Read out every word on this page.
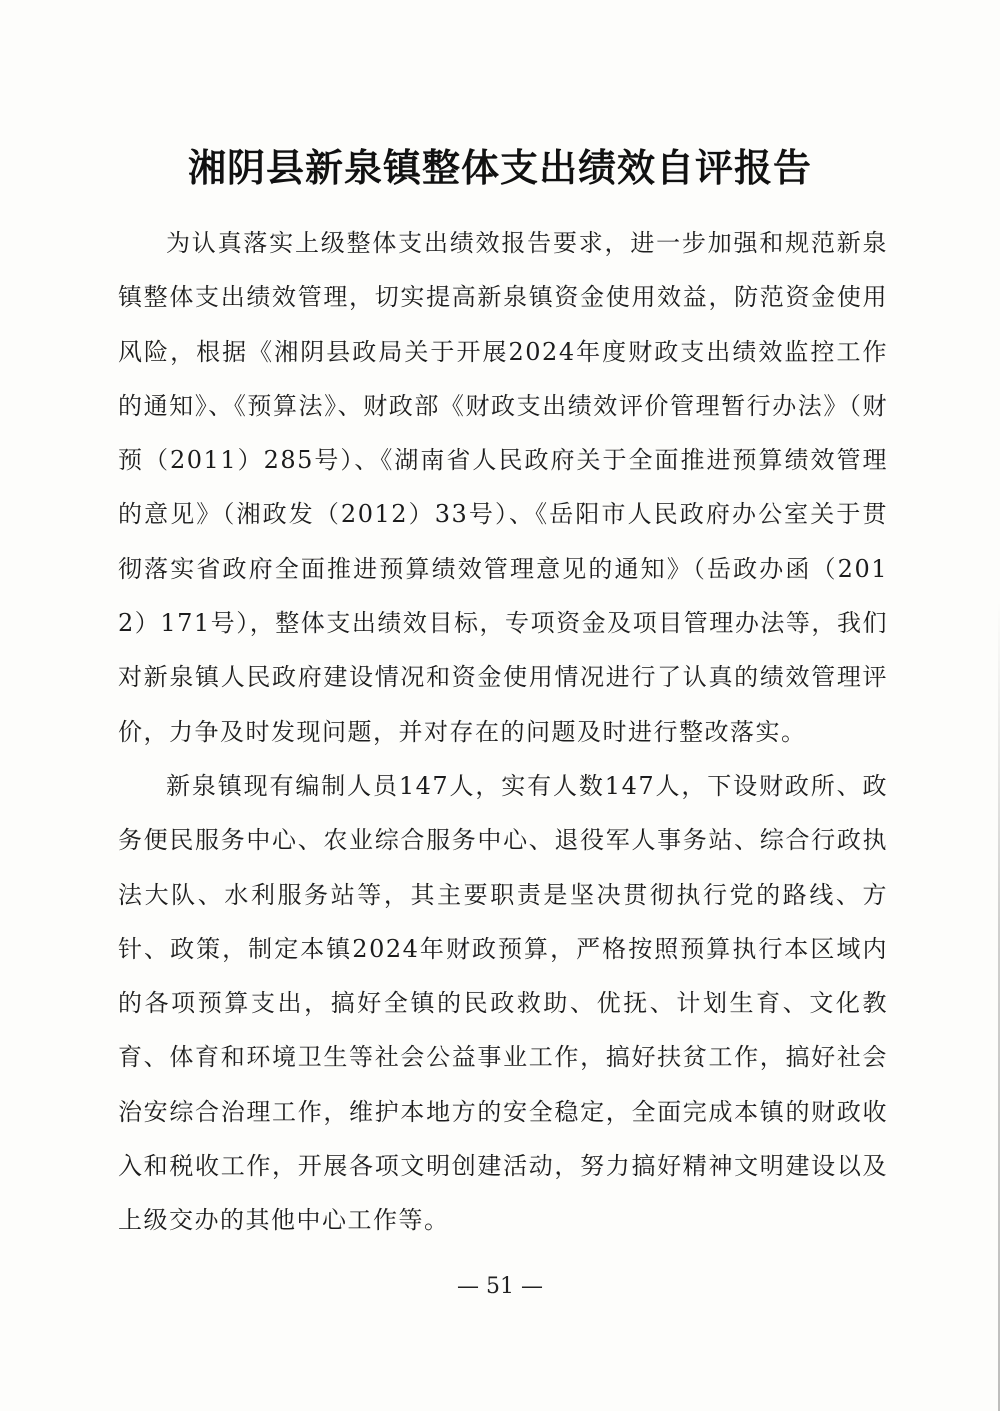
湘阴县新泉镇整体支出绩效自评报告

为认真落实上级整体支出绩效报告要求，进一步加强和规范新泉镇整体支出绩效管理，切实提高新泉镇资金使用效益，防范资金使用风险，根据《湘阴县政局关于开展2024年度财政支出绩效监控工作的通知》、《预算法》、财政部《财政支出绩效评价管理暂行办法》（财预（2011）285号）、《湖南省人民政府关于全面推进预算绩效管理的意见》（湘政发（2012）33号）、《岳阳市人民政府办公室关于贯彻落实省政府全面推进预算绩效管理意见的通知》（岳政办函（2012）171号），整体支出绩效目标，专项资金及项目管理办法等，我们对新泉镇人民政府建设情况和资金使用情况进行了认真的绩效管理评价，力争及时发现问题，并对存在的问题及时进行整改落实。

新泉镇现有编制人员147人，实有人数147人，下设财政所、政务便民服务中心、农业综合服务中心、退役军人事务站、综合行政执法大队、水利服务站等，其主要职责是坚决贯彻执行党的路线、方针、政策，制定本镇2024年财政预算，严格按照预算执行本区域内的各项预算支出，搞好全镇的民政救助、优抚、计划生育、文化教育、体育和环境卫生等社会公益事业工作，搞好扶贫工作，搞好社会治安综合治理工作，维护本地方的安全稳定，全面完成本镇的财政收入和税收工作，开展各项文明创建活动，努力搞好精神文明建设以及上级交办的其他中心工作等。

— 51 —
